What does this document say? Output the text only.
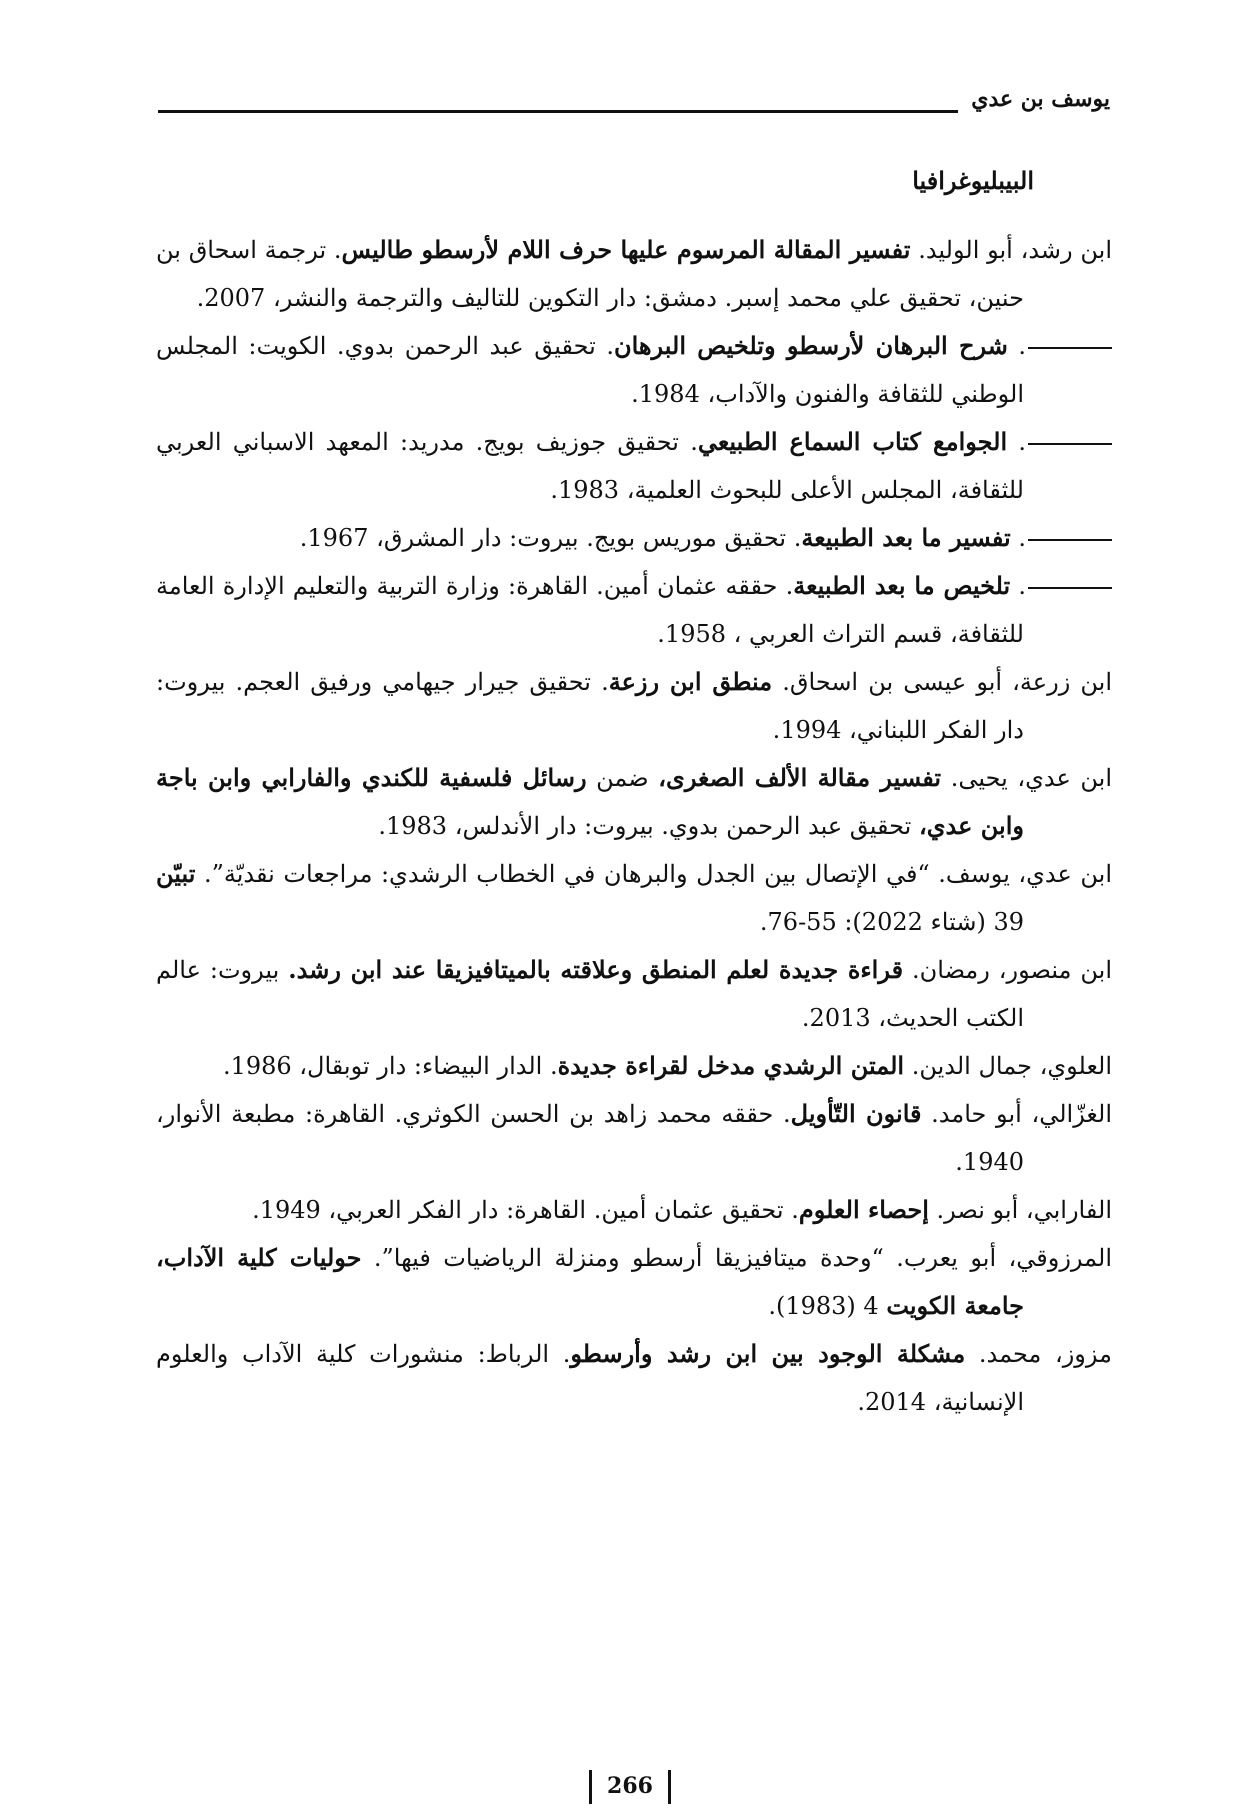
يوسف بن عدي
البيبليوغرافيا
ابن رشد، أبو الوليد. تفسير المقالة المرسوم عليها حرف اللام لأرسطو طاليس. ترجمة اسحاق بن حنين، تحقيق علي محمد إسبر. دمشق: دار التكوين للتاليف والترجمة والنشر، 2007.
. شرح البرهان لأرسطو وتلخيص البرهان. تحقيق عبد الرحمن بدوي. الكويت: المجلس الوطني للثقافة والفنون والآداب، 1984.
. الجوامع كتاب السماع الطبيعي. تحقيق جوزيف بويج. مدريد: المعهد الاسباني العربي للثقافة، المجلس الأعلى للبحوث العلمية، 1983.
. تفسير ما بعد الطبيعة. تحقيق موريس بويج. بيروت: دار المشرق، 1967.
. تلخيص ما بعد الطبيعة. حققه عثمان أمين. القاهرة: وزارة التربية والتعليم الإدارة العامة للثقافة، قسم التراث العربي ، 1958.
ابن زرعة، أبو عيسى بن اسحاق. منطق ابن رزعة. تحقيق جيرار جيهامي ورفيق العجم. بيروت: دار الفكر اللبناني، 1994.
ابن عدي، يحيى. تفسير مقالة الألف الصغرى، ضمن رسائل فلسفية للكندي والفارابي وابن باجة وابن عدي، تحقيق عبد الرحمن بدوي. بيروت: دار الأندلس، 1983.
ابن عدي، يوسف. “في الإتصال بين الجدل والبرهان في الخطاب الرشدي: مراجعات نقديّة”. تبيّن 39 (شتاء 2022): 55-76.
ابن منصور، رمضان. قراءة جديدة لعلم المنطق وعلاقته بالميتافيزيقا عند ابن رشد. بيروت: عالم الكتب الحديث، 2013.
العلوي، جمال الدين. المتن الرشدي مدخل لقراءة جديدة. الدار البيضاء: دار توبقال، 1986.
الغزّالي، أبو حامد. قانون التّأويل. حققه محمد زاهد بن الحسن الكوثري. القاهرة: مطبعة الأنوار، 1940.
الفارابي، أبو نصر. إحصاء العلوم. تحقيق عثمان أمين. القاهرة: دار الفكر العربي، 1949.
المرزوقي، أبو يعرب. “وحدة ميتافيزيقا أرسطو ومنزلة الرياضيات فيها”. حوليات كلية الآداب، جامعة الكويت 4 (1983).
مزوز، محمد. مشكلة الوجود بين ابن رشد وأرسطو. الرباط: منشورات كلية الآداب والعلوم الإنسانية، 2014.
266
